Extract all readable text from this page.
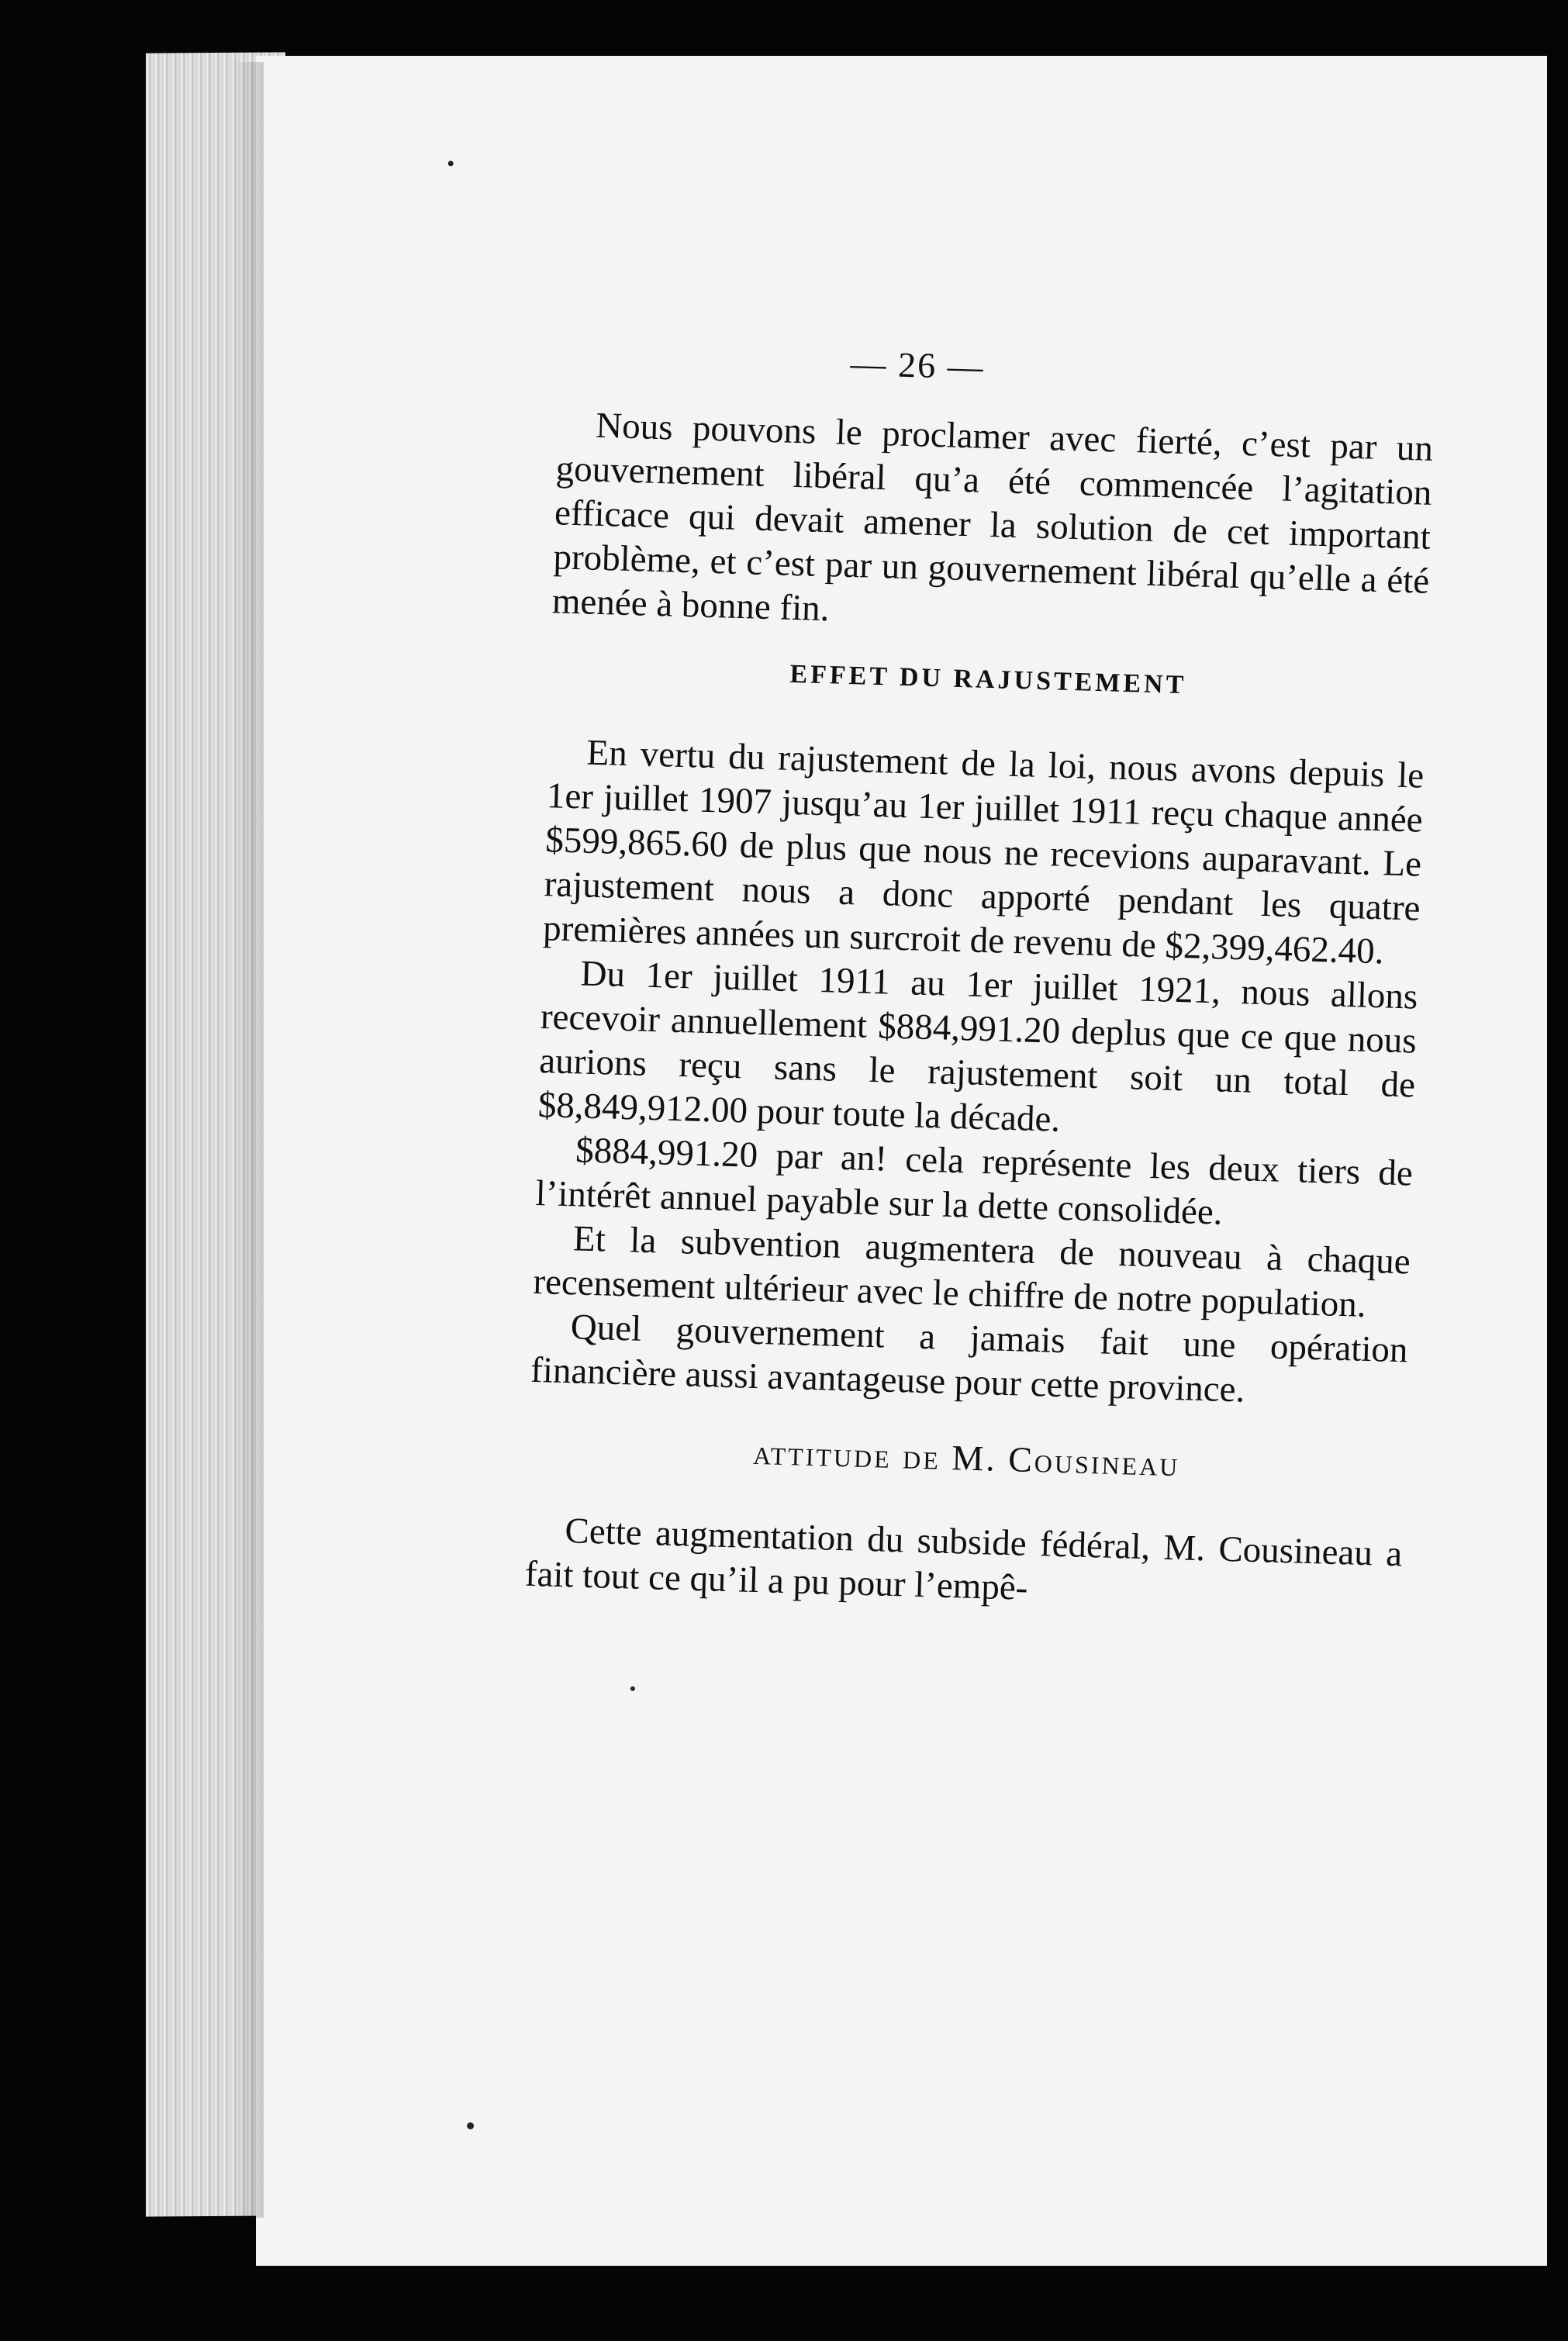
— 26 —

Nous pouvons le proclamer avec fierté, c’est par un gouvernement libéral qu’a été commencée l’agitation efficace qui devait amener la solution de cet important problème, et c’est par un gouvernement libéral qu’elle a été menée à bonne fin.

EFFET DU RAJUSTEMENT

En vertu du rajustement de la loi, nous avons depuis le 1er juillet 1907 jusqu’au 1er juillet 1911 reçu chaque année $599,865.60 de plus que nous ne recevions auparavant. Le rajustement nous a donc apporté pendant les quatre premières années un surcroit de revenu de $2,399,462.40.

Du 1er juillet 1911 au 1er juillet 1921, nous allons recevoir annuellement $884,991.20 deplus que ce que nous aurions reçu sans le rajustement soit un total de $8,849,912.00 pour toute la décade.

$884,991.20 par an! cela représente les deux tiers de l’intérêt annuel payable sur la dette consolidée.

Et la subvention augmentera de nouveau à chaque recensement ultérieur avec le chiffre de notre population.

Quel gouvernement a jamais fait une opération financière aussi avantageuse pour cette province.

attitude de M. Cousineau

Cette augmentation du subside fédéral, M. Cousineau a fait tout ce qu’il a pu pour l’empê-
